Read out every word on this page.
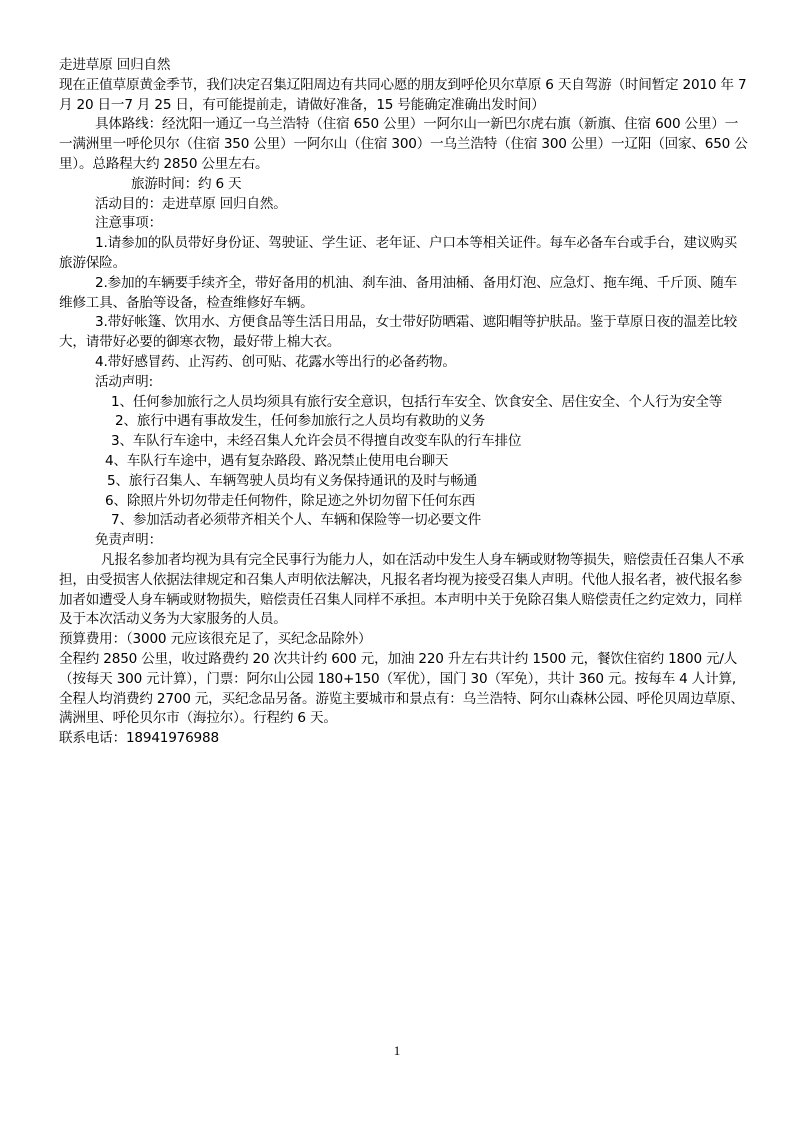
走进草原 回归自然

现在正值草原黄金季节，我们决定召集辽阳周边有共同心愿的朋友到呼伦贝尔草原 6 天自驾游（时间暂定 2010 年 7 月 20 日一7 月 25 日，有可能提前走，请做好准备，15 号能确定准确出发时间）

具体路线：经沈阳一通辽一乌兰浩特（住宿 650 公里）一阿尔山一新巴尔虎右旗（新旗、住宿 600 公里）一一满洲里一呼伦贝尔（住宿 350 公里）一阿尔山（住宿 300）一乌兰浩特（住宿 300 公里）一辽阳（回家、650 公里）。总路程大约 2850 公里左右。

旅游时间：约 6 天

活动目的：走进草原 回归自然。

注意事项：

1.请参加的队员带好身份证、驾驶证、学生证、老年证、户口本等相关证件。每车必备车台或手台，建议购买旅游保险。

2.参加的车辆要手续齐全，带好备用的机油、刹车油、备用油桶、备用灯泡、应急灯、拖车绳、千斤顶、随车维修工具、备胎等设备，检查维修好车辆。

3.带好帐篷、饮用水、方便食品等生活日用品，女士带好防晒霜、遮阳帽等护肤品。鉴于草原日夜的温差比较大，请带好必要的御寒衣物，最好带上棉大衣。

4.带好感冒药、止泻药、创可贴、花露水等出行的必备药物。

活动声明:

1、任何参加旅行之人员均须具有旅行安全意识，包括行车安全、饮食安全、居住安全、个人行为安全等

2、旅行中遇有事故发生，任何参加旅行之人员均有救助的义务

3、车队行车途中，未经召集人允许会员不得擅自改变车队的行车排位

4、车队行车途中，遇有复杂路段、路况禁止使用电台聊天

5、旅行召集人、车辆驾驶人员均有义务保持通讯的及时与畅通

6、除照片外切勿带走任何物件，除足迹之外切勿留下任何东西

7、参加活动者必须带齐相关个人、车辆和保险等一切必要文件

免责声明：

凡报名参加者均视为具有完全民事行为能力人，如在活动中发生人身车辆或财物等损失，赔偿责任召集人不承担，由受损害人依据法律规定和召集人声明依法解决，凡报名者均视为接受召集人声明。代他人报名者，被代报名参加者如遭受人身车辆或财物损失，赔偿责任召集人同样不承担。本声明中关于免除召集人赔偿责任之约定效力，同样及于本次活动义务为大家服务的人员。

预算费用：（3000 元应该很充足了，买纪念品除外）

全程约 2850 公里，收过路费约 20 次共计约 600 元，加油 220 升左右共计约 1500 元，餐饮住宿约 1800 元/人（按每天 300 元计算），门票：阿尔山公园 180+150（军优），国门 30（军免），共计 360 元。按每车 4 人计算,全程人均消费约 2700 元，买纪念品另备。游览主要城市和景点有：乌兰浩特、阿尔山森林公园、呼伦贝周边草原、满洲里、呼伦贝尔市（海拉尔）。行程约 6 天。

联系电话：18941976988

1
